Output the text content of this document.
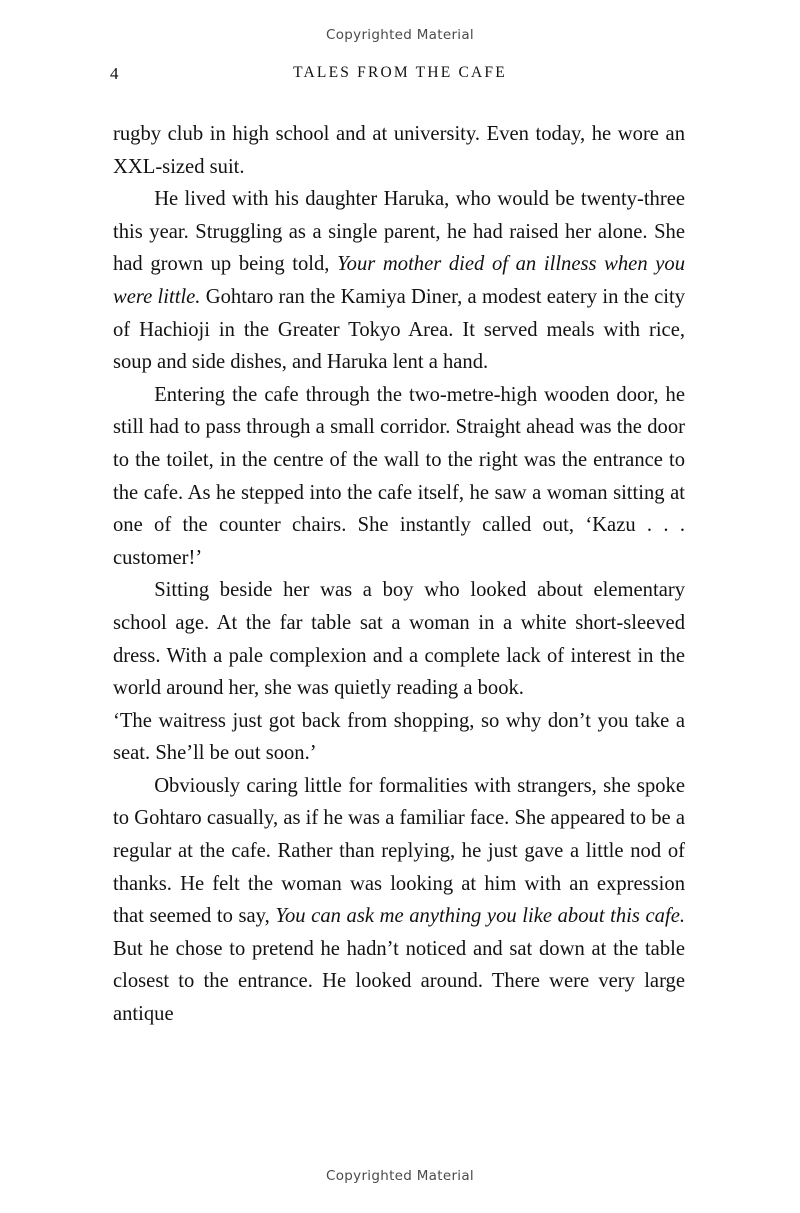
Copyrighted Material
4	TALES FROM THE CAFE

rugby club in high school and at university. Even today, he wore an XXL-sized suit.

He lived with his daughter Haruka, who would be twenty-three this year. Struggling as a single parent, he had raised her alone. She had grown up being told, Your mother died of an illness when you were little. Gohtaro ran the Kamiya Diner, a modest eatery in the city of Hachioji in the Greater Tokyo Area. It served meals with rice, soup and side dishes, and Haruka lent a hand.

Entering the cafe through the two-metre-high wooden door, he still had to pass through a small corridor. Straight ahead was the door to the toilet, in the centre of the wall to the right was the entrance to the cafe. As he stepped into the cafe itself, he saw a woman sitting at one of the counter chairs. She instantly called out, ‘Kazu . . . customer!’

Sitting beside her was a boy who looked about elementary school age. At the far table sat a woman in a white short-sleeved dress. With a pale complexion and a complete lack of interest in the world around her, she was quietly reading a book.

‘The waitress just got back from shopping, so why don’t you take a seat. She’ll be out soon.’

Obviously caring little for formalities with strangers, she spoke to Gohtaro casually, as if he was a familiar face. She appeared to be a regular at the cafe. Rather than replying, he just gave a little nod of thanks. He felt the woman was looking at him with an expression that seemed to say, You can ask me anything you like about this cafe. But he chose to pretend he hadn’t noticed and sat down at the table closest to the entrance. He looked around. There were very large antique

Copyrighted Material
